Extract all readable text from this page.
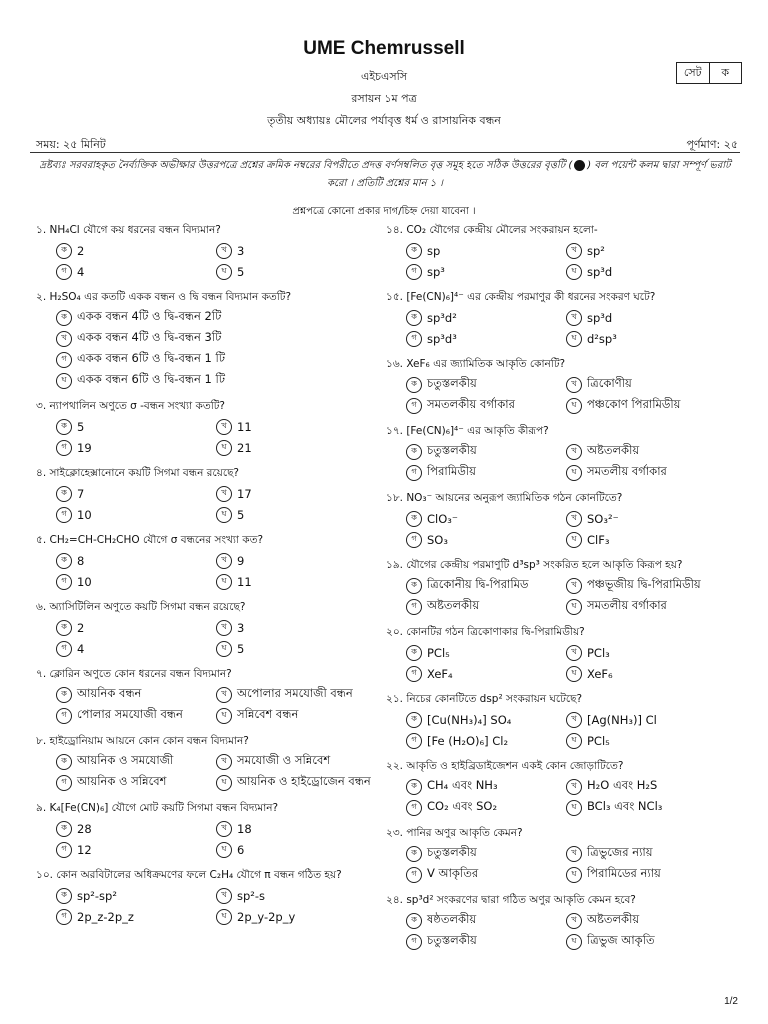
UME Chemrussell
এইচএসসি
রসায়ন ১ম পত্র
তৃতীয় অধ্যায়ঃ মৌলের পর্যাবৃত্ত ধর্ম ও রাসায়নিক বন্ধন
সেট	ক
সময়: ২৫ মিনিট	পূর্ণমাণ: ২৫
দ্রষ্টব্যঃ সরবরাহকৃত নৈর্ব্যক্তিক অভীক্ষার উত্তরপত্রে প্রশ্নের ক্রমিক নম্বরের বিপরীতে প্রদত্ত বর্ণসম্বলিত বৃত্ত সমূহ হতে সঠিক উত্তরের বৃত্তটি ( ) বল পয়েন্ট কলম দ্বারা সম্পূর্ণ ভরাট করো । প্রতিটি প্রশ্নের মান ১ ।
প্রশ্নপত্রে কোনো প্রকার দাগ/চিহ্ন দেয়া যাবেনা ।
১. NH₄Cl যৌগে কয় ধরনের বন্ধন বিদ্যমান?
ক 2	খ 3
গ 4	ঘ 5
২. H₂SO₄ এর কতটি একক বন্ধন ও দ্বি বন্ধন বিদ্যমান কতটি?
ক একক বন্ধন 4টি ও দ্বি-বন্ধন 2টি
খ একক বন্ধন 4টি ও দ্বি-বন্ধন 3টি
গ একক বন্ধন 6টি ও দ্বি-বন্ধন 1 টি
ঘ একক বন্ধন 6টি ও দ্বি-বন্ধন 1 টি
৩. ন্যাপথালিন অণুতে σ -বন্ধন সংখ্যা কতটি?
ক 5	খ 11
গ 19	ঘ 21
৪. সাইক্লোহেক্সানোনে কয়টি সিগমা বন্ধন রয়েছে?
ক 7	খ 17
গ 10	ঘ 5
৫. CH₂=CH-CH₂CHO যৌগে σ বন্ধনের সংখ্যা কত?
ক 8	খ 9
গ 10	ঘ 11
৬. অ্যাসিটিলিন অণুতে কয়টি সিগমা বন্ধন রয়েছে?
ক 2	খ 3
গ 4	ঘ 5
৭. ক্লোরিন অণুতে কোন ধরনের বন্ধন বিদ্যমান?
ক আয়নিক বন্ধন	খ অপোলার সমযোজী বন্ধন
গ পোলার সমযোজী বন্ধন	ঘ সন্নিবেশ বন্ধন
৮. হাইড্রোনিয়াম আয়নে কোন কোন বন্ধন বিদ্যমান?
ক আয়নিক ও সমযোজী	খ সমযোজী ও সন্নিবেশ
গ আয়নিক ও সন্নিবেশ	ঘ আয়নিক ও হাইড্রোজেন বন্ধন
৯. K₄[Fe(CN)₆] যৌগে মোট কয়টি সিগমা বন্ধন বিদ্যমান?
ক 28	খ 18
গ 12	ঘ 6
১০. কোন অরবিটালের অধিক্রমণের ফলে C₂H₄ যৌগে π বন্ধন গঠিত হয়?
ক sp²-sp²	খ sp²-s
গ 2p_z-2p_z	ঘ 2p_y-2p_y
১৪. CO₂ যৌগের কেন্দ্রীয় মৌলের সংকরায়ন হলো-
ক sp	খ sp²
গ sp³	ঘ sp³d
১৫. [Fe(CN)₆]⁴⁻ এর কেন্দ্রীয় পরমাণুর কী ধরনের সংকরণ ঘটে?
ক sp³d²	খ sp³d
গ sp³d³	ঘ d²sp³
১৬. XeF₆ এর জ্যামিতিক আকৃতি কোনটি?
ক চতুস্তলকীয়	খ ত্রিকোণীয়
গ সমতলকীয় বর্গাকার	ঘ পঞ্চকোণ পিরামিডীয়
১৭. [Fe(CN)₆]⁴⁻ এর আকৃতি কীরূপ?
ক চতুস্তলকীয়	খ অষ্টতলকীয়
গ পিরামিডীয়	ঘ সমতলীয় বর্গাকার
১৮. NO₃⁻ আয়নের অনুরূপ জ্যামিতিক গঠন কোনটিতে?
ক ClO₃⁻	খ SO₃²⁻
গ SO₃	ঘ ClF₃
১৯. যৌগের কেন্দ্রীয় পরমাণুটি d³sp³ সংকরিত হলে আকৃতি কিরূপ হয়?
ক ত্রিকোনীয় দ্বি-পিরামিড	খ পঞ্চভূজীয় দ্বি-পিরামিডীয়
গ অষ্টতলকীয়	ঘ সমতলীয় বর্গাকার
২০. কোনটির গঠন ত্রিকোণাকার দ্বি-পিরামিডীয়?
ক PCl₅	খ PCl₃
গ XeF₄	ঘ XeF₆
২১. নিচের কোনটিতে dsp² সংকরায়ন ঘটেছে?
ক [Cu(NH₃)₄] SO₄	খ [Ag(NH₃)] Cl
গ [Fe (H₂O)₆] Cl₂	ঘ PCl₅
২২. আকৃতি ও হাইব্রিডাইজেশন একই কোন জোড়াটিতে?
ক CH₄ এবং NH₃	খ H₂O এবং H₂S
গ CO₂ এবং SO₂	ঘ BCl₃ এবং NCl₃
২৩. পানির অণুর আকৃতি কেমন?
ক চতুস্তলকীয়	খ ত্রিভুজের ন্যায়
গ V আকৃতির	ঘ পিরামিডের ন্যায়
২৪. sp³d² সংকরণের দ্বারা গঠিত অণুর আকৃতি কেমন হবে?
ক ষষ্ঠতলকীয়	খ অষ্টতলকীয়
গ চতুস্তলকীয়	ঘ ত্রিভুজ আকৃতি
1/2
